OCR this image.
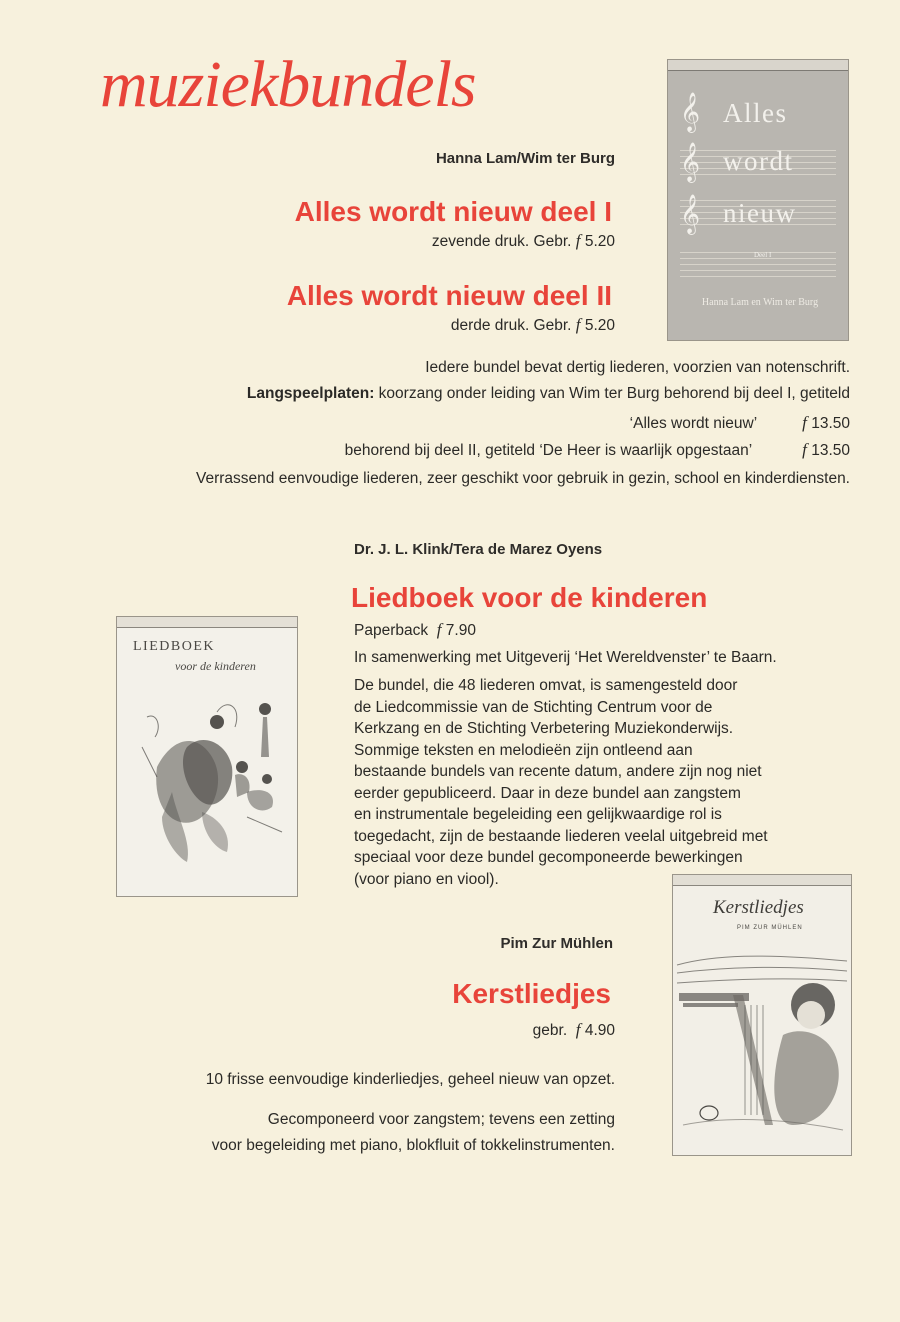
muziekbundels
Hanna Lam/Wim ter Burg
Alles wordt nieuw deel I
zevende druk. Gebr. f 5.20
Alles wordt nieuw deel II
derde druk. Gebr. f 5.20
𝄞
𝄞
𝄞
Alles
wordt
nieuw
Deel I
Hanna Lam en Wim ter Burg
Iedere bundel bevat dertig liederen, voorzien van notenschrift.
Langspeelplaten: koorzang onder leiding van Wim ter Burg behorend bij deel I, getiteld
‘Alles wordt nieuw’	f 13.50
behorend bij deel II, getiteld ‘De Heer is waarlijk opgestaan’	f 13.50
Verrassend eenvoudige liederen, zeer geschikt voor gebruik in gezin, school en kinderdiensten.
Dr. J. L. Klink/Tera de Marez Oyens
Liedboek voor de kinderen
Paperback f 7.90
In samenwerking met Uitgeverij ‘Het Wereldvenster’ te Baarn.
De bundel, die 48 liederen omvat, is samengesteld door
de Liedcommissie van de Stichting Centrum voor de
Kerkzang en de Stichting Verbetering Muziekonderwijs.
Sommige teksten en melodieën zijn ontleend aan
bestaande bundels van recente datum, andere zijn nog niet
eerder gepubliceerd. Daar in deze bundel aan zangstem
en instrumentale begeleiding een gelijkwaardige rol is
toegedacht, zijn de bestaande liederen veelal uitgebreid met
speciaal voor deze bundel gecomponeerde bewerkingen
(voor piano en viool).
LIEDBOEK
voor de kinderen
Pim Zur Mühlen
Kerstliedjes
gebr. f 4.90
10 frisse eenvoudige kinderliedjes, geheel nieuw van opzet.
Gecomponeerd voor zangstem; tevens een zetting
voor begeleiding met piano, blokfluit of tokkelinstrumenten.
Kerstliedjes
PIM ZUR MÜHLEN
